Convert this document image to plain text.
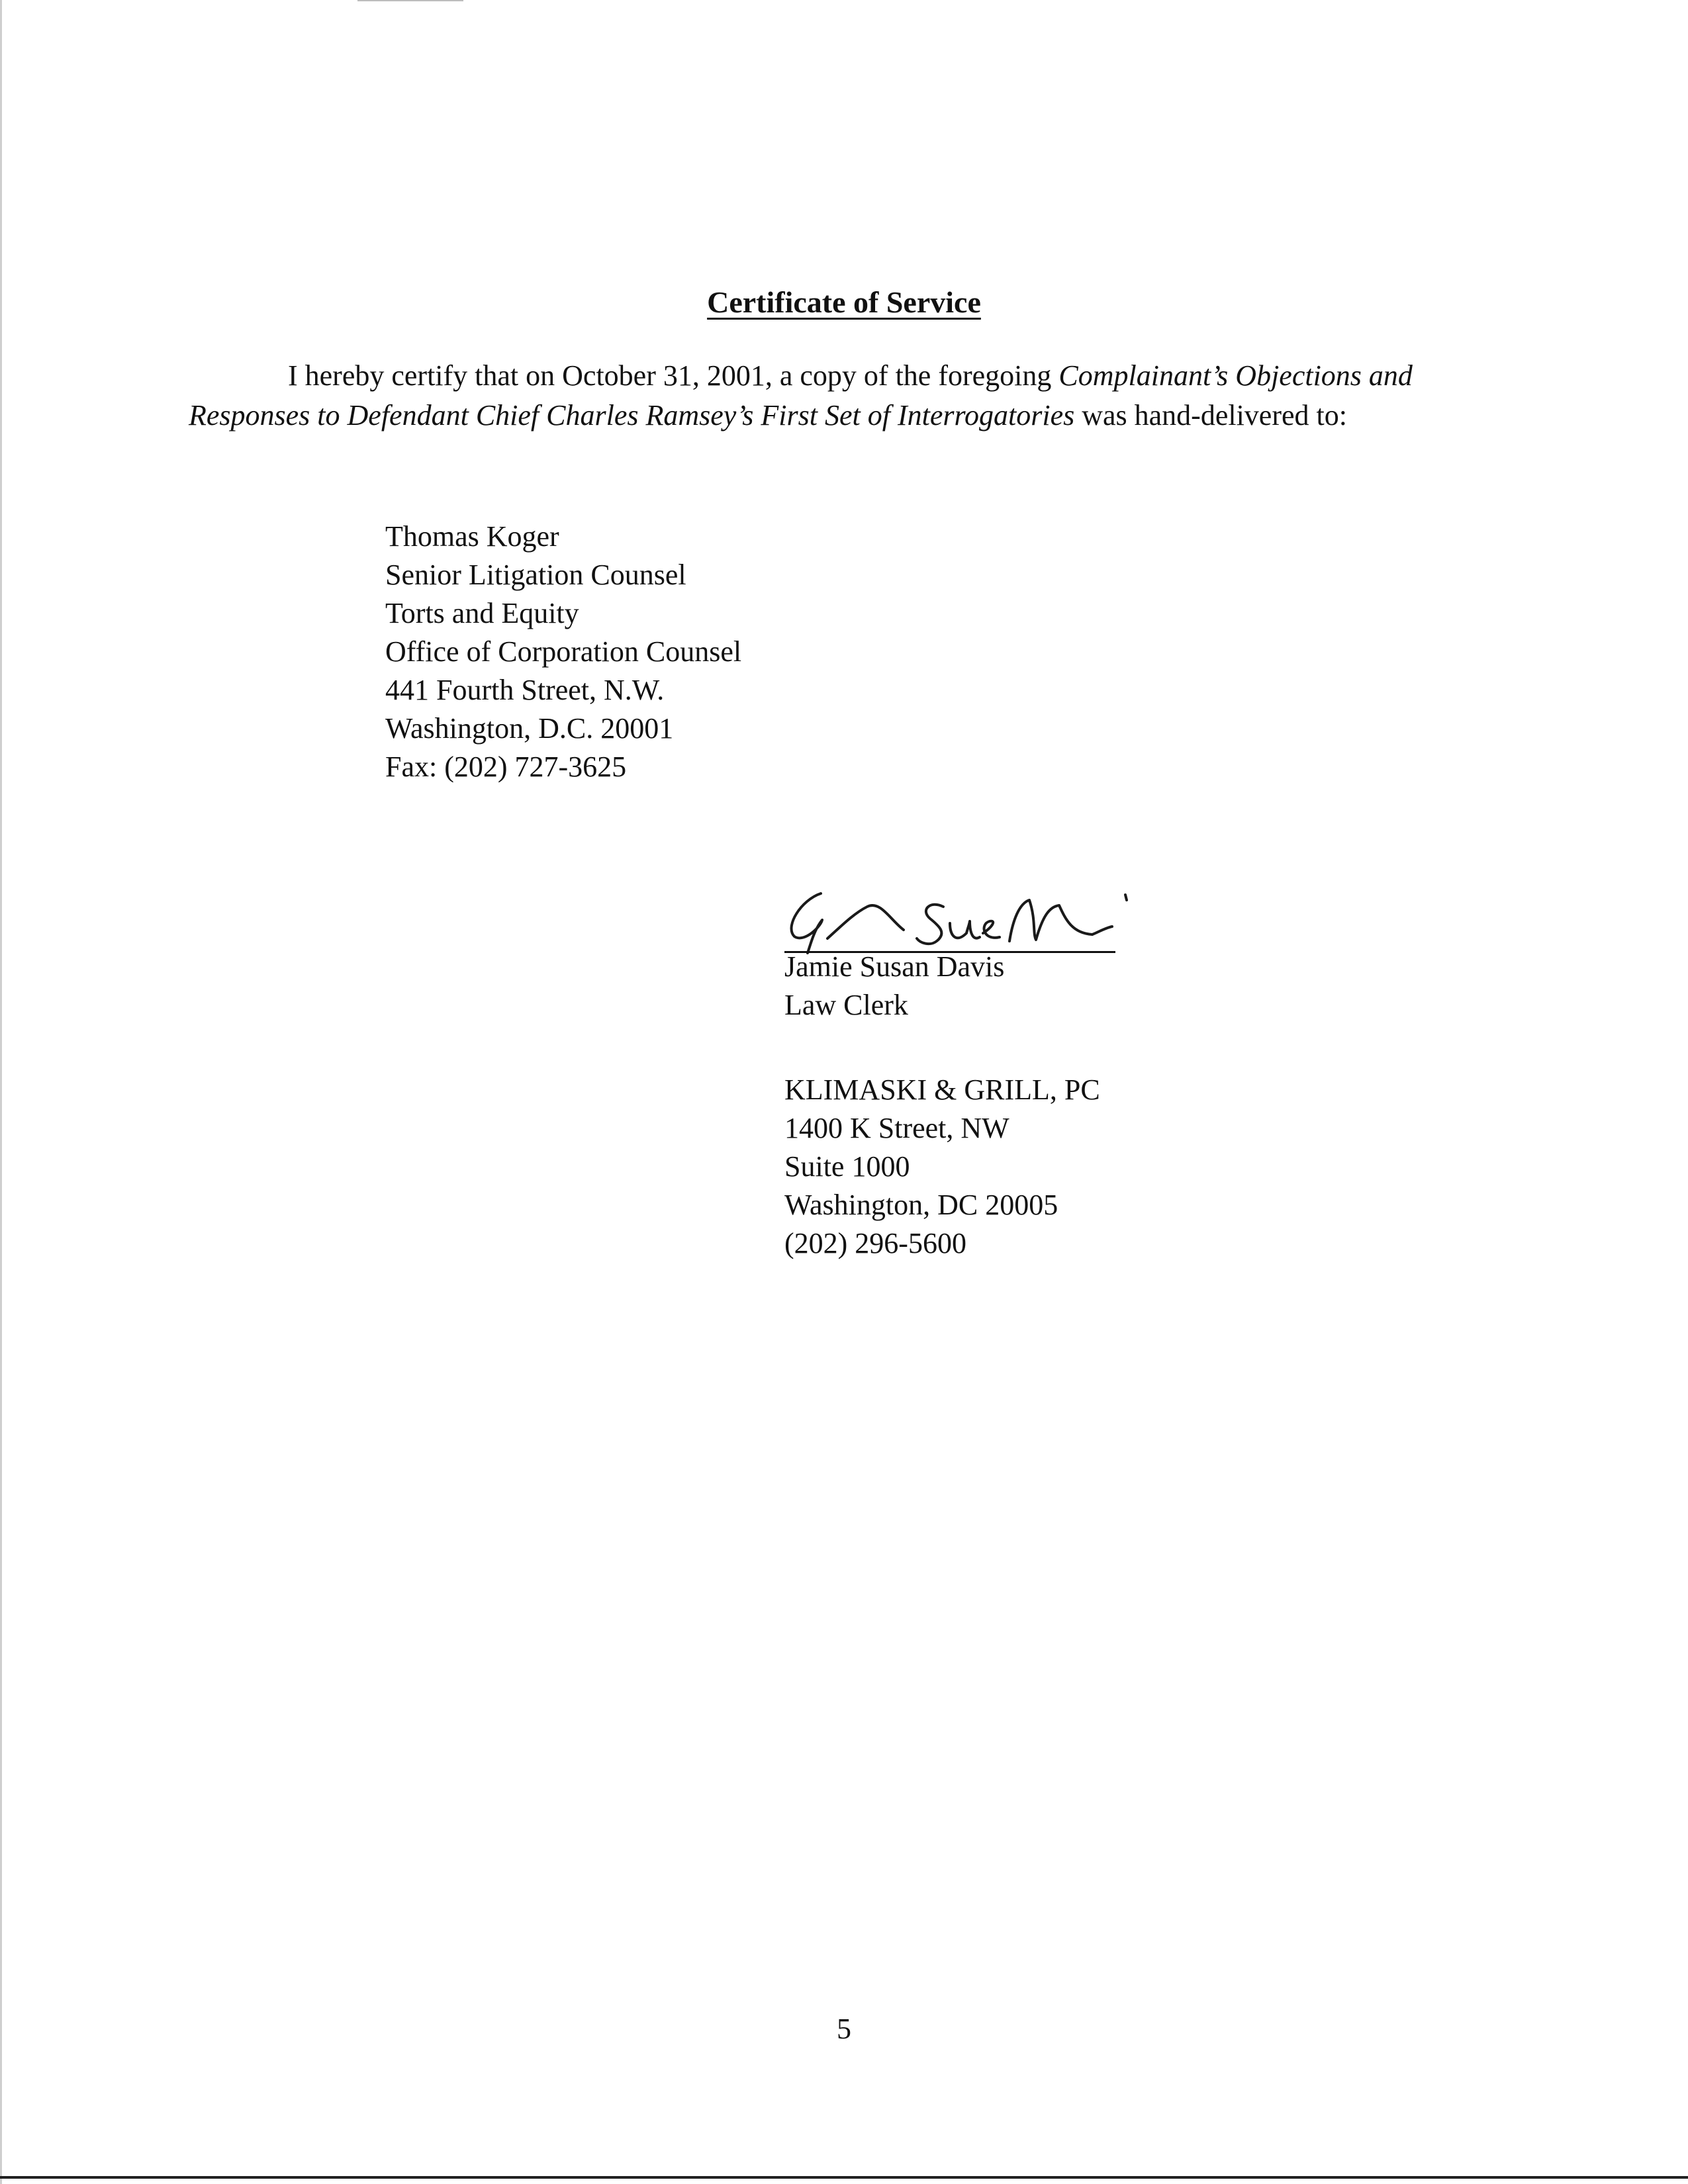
Certificate of Service
I hereby certify that on October 31, 2001, a copy of the foregoing Complainant’s Objections and Responses to Defendant Chief Charles Ramsey’s First Set of Interrogatories was hand-delivered to:
Thomas Koger
Senior Litigation Counsel
Torts and Equity
Office of Corporation Counsel
441 Fourth Street, N.W.
Washington, D.C. 20001
Fax: (202) 727-3625
Jamie Susan Davis
Law Clerk
KLIMASKI & GRILL, PC
1400 K Street, NW
Suite 1000
Washington, DC 20005
(202) 296-5600
5
